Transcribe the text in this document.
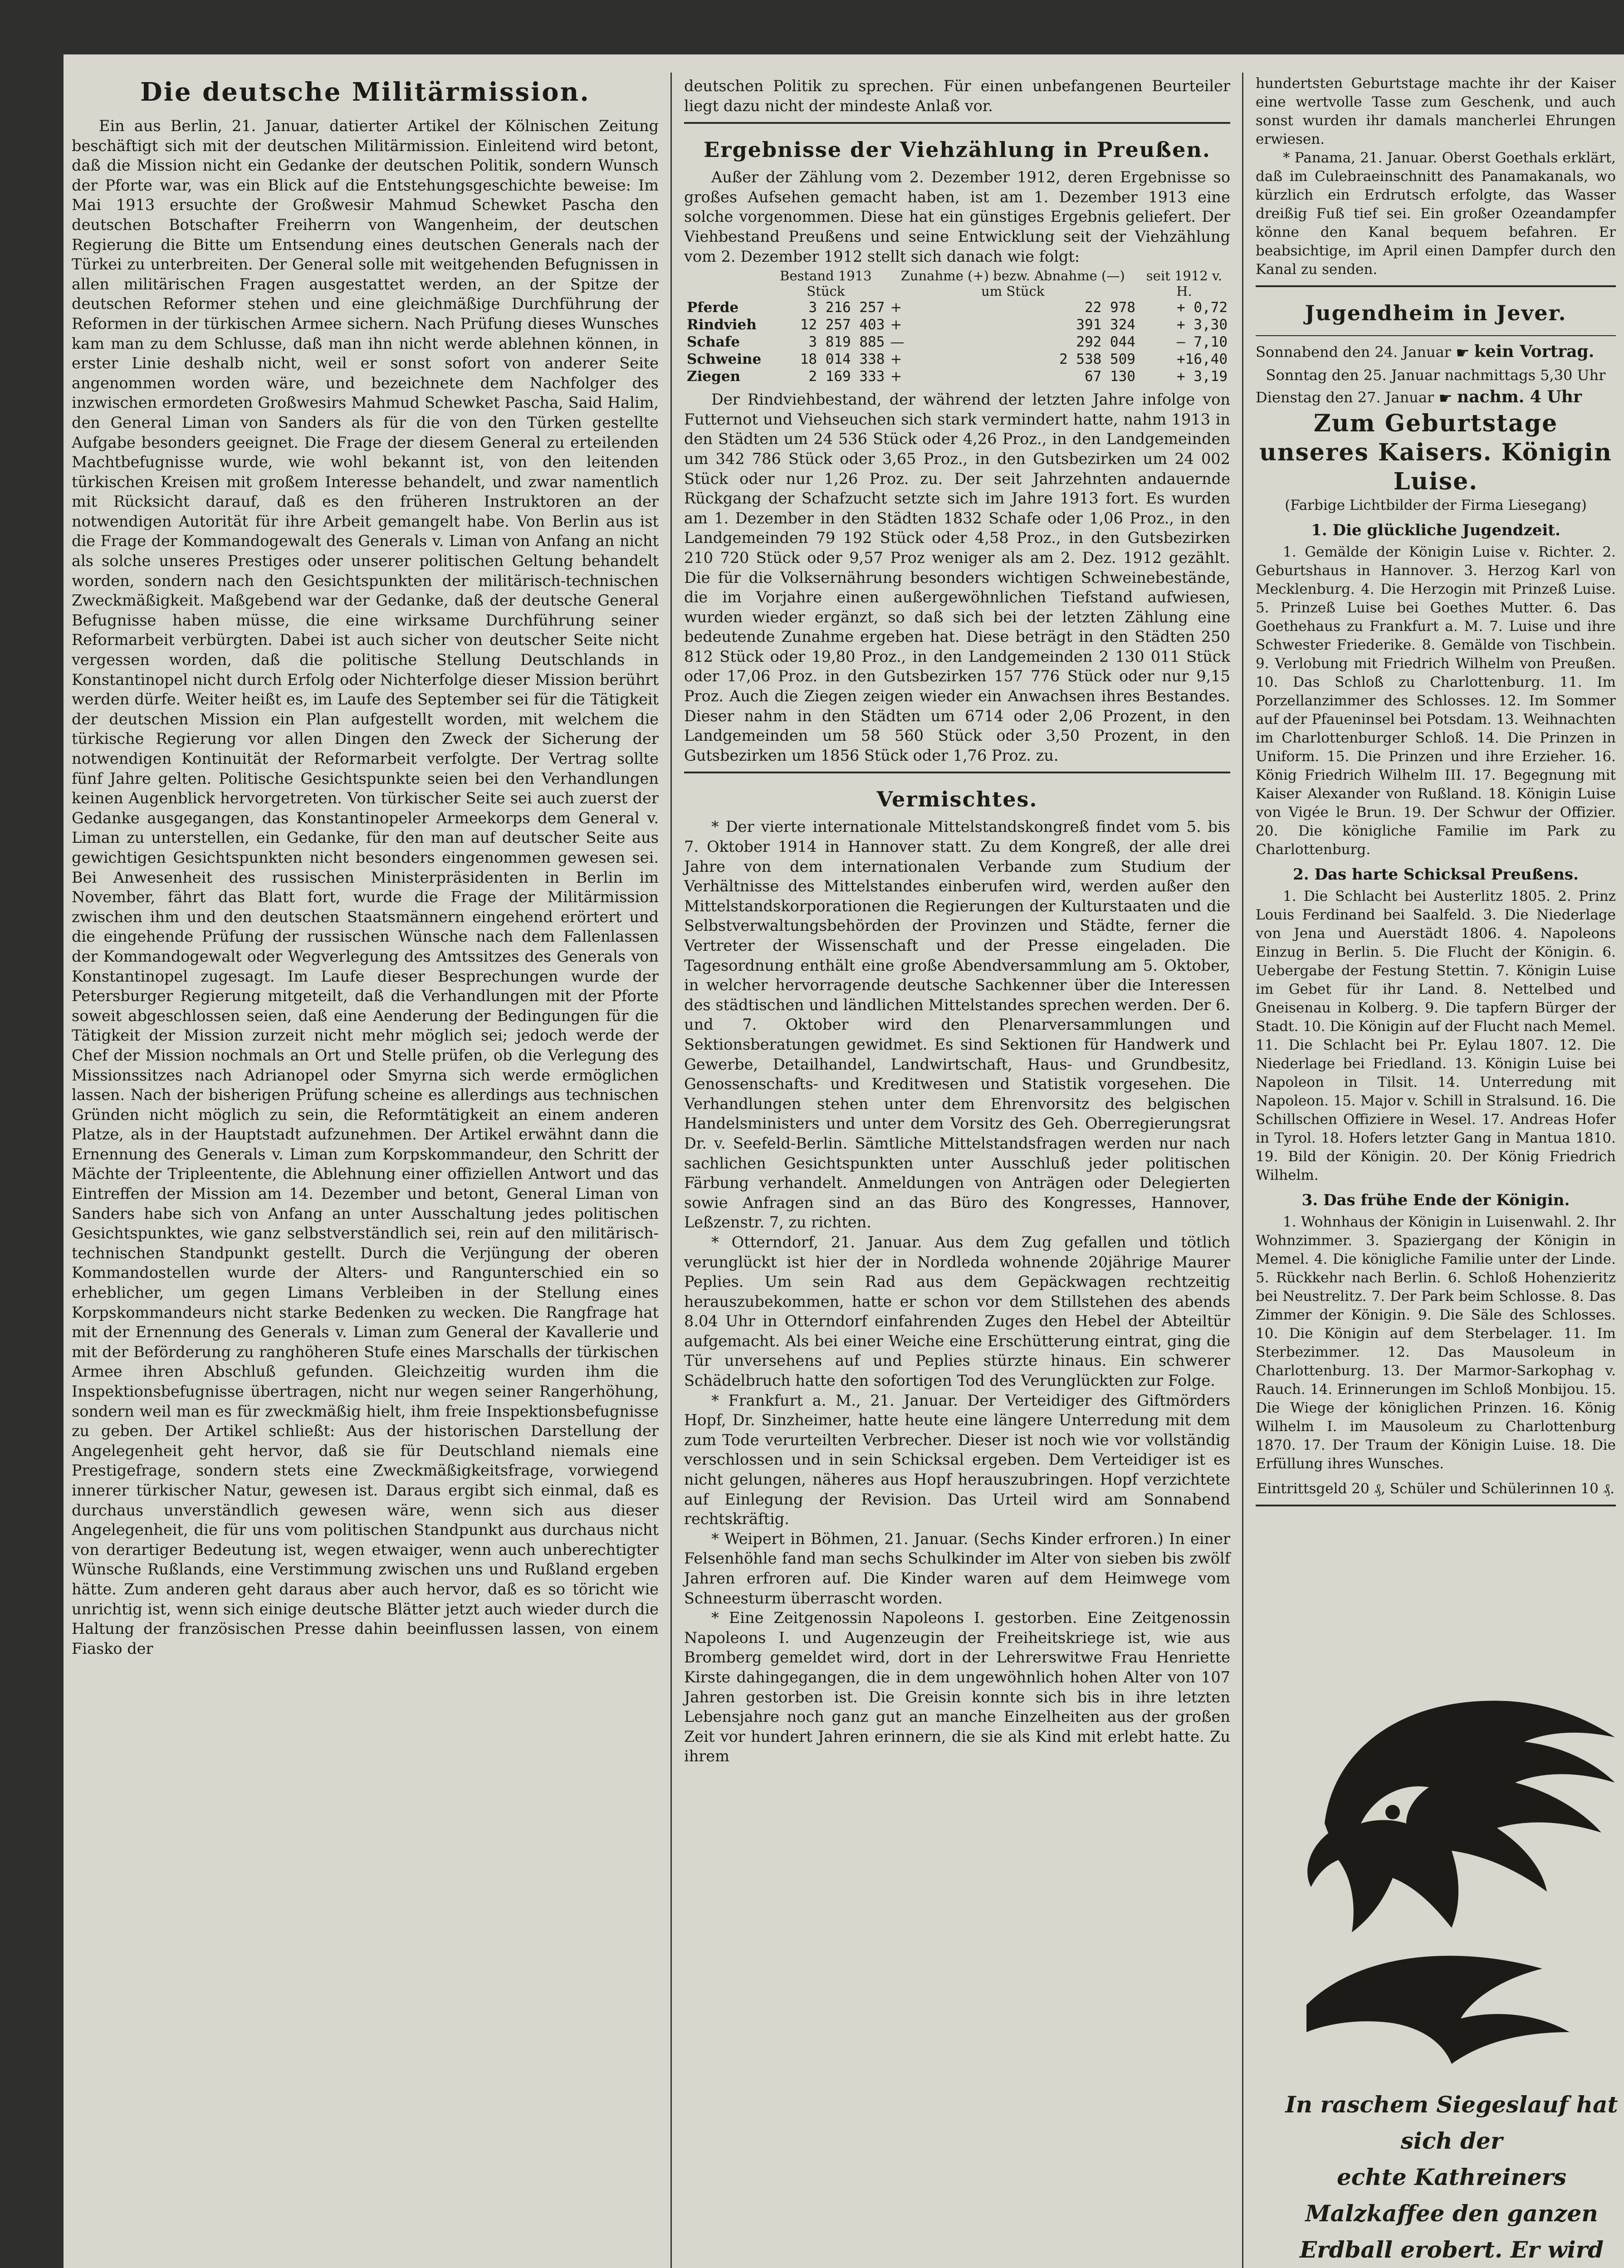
Die deutsche Militärmission.

Ein aus Berlin, 21. Januar, datierter Artikel der Kölnischen Zeitung beschäftigt sich mit der deutschen Militärmission. Einleitend wird betont, daß die Mission nicht ein Gedanke der deutschen Politik, sondern Wunsch der Pforte war, was ein Blick auf die Entstehungsgeschichte beweise: Im Mai 1913 ersuchte der Großwesir Mahmud Schewket Pascha den deutschen Botschafter Freiherrn von Wangenheim, der deutschen Regierung die Bitte um Entsendung eines deutschen Generals nach der Türkei zu unterbreiten. Der General solle mit weitgehenden Befugnissen in allen militärischen Fragen ausgestattet werden, an der Spitze der deutschen Reformer stehen und eine gleichmäßige Durchführung der Reformen in der türkischen Armee sichern. Nach Prüfung dieses Wunsches kam man zu dem Schlusse, daß man ihn nicht werde ablehnen können, in erster Linie deshalb nicht, weil er sonst sofort von anderer Seite angenommen worden wäre, und bezeichnete dem Nachfolger des inzwischen ermordeten Großwesirs Mahmud Schewket Pascha, Said Halim, den General Liman von Sanders als für die von den Türken gestellte Aufgabe besonders geeignet. Die Frage der diesem General zu erteilenden Machtbefugnisse wurde, wie wohl bekannt ist, von den leitenden türkischen Kreisen mit großem Interesse behandelt, und zwar namentlich mit Rücksicht darauf, daß es den früheren Instruktoren an der notwendigen Autorität für ihre Arbeit gemangelt habe. Von Berlin aus ist die Frage der Kommandogewalt des Generals v. Liman von Anfang an nicht als solche unseres Prestiges oder unserer politischen Geltung behandelt worden, sondern nach den Gesichtspunkten der militärisch-technischen Zweckmäßigkeit. Maßgebend war der Gedanke, daß der deutsche General Befugnisse haben müsse, die eine wirksame Durchführung seiner Reformarbeit verbürgten. Dabei ist auch sicher von deutscher Seite nicht vergessen worden, daß die politische Stellung Deutschlands in Konstantinopel nicht durch Erfolg oder Nichterfolge dieser Mission berührt werden dürfe. Weiter heißt es, im Laufe des September sei für die Tätigkeit der deutschen Mission ein Plan aufgestellt worden, mit welchem die türkische Regierung vor allen Dingen den Zweck der Sicherung der notwendigen Kontinuität der Reformarbeit verfolgte. Der Vertrag sollte fünf Jahre gelten. Politische Gesichtspunkte seien bei den Verhandlungen keinen Augenblick hervorgetreten. Von türkischer Seite sei auch zuerst der Gedanke ausgegangen, das Konstantinopeler Armeekorps dem General v. Liman zu unterstellen, ein Gedanke, für den man auf deutscher Seite aus gewichtigen Gesichtspunkten nicht besonders eingenommen gewesen sei. Bei Anwesenheit des russischen Ministerpräsidenten in Berlin im November, fährt das Blatt fort, wurde die Frage der Militärmission zwischen ihm und den deutschen Staatsmännern eingehend erörtert und die eingehende Prüfung der russischen Wünsche nach dem Fallenlassen der Kommandogewalt oder Wegverlegung des Amtssitzes des Generals von Konstantinopel zugesagt. Im Laufe dieser Besprechungen wurde der Petersburger Regierung mitgeteilt, daß die Verhandlungen mit der Pforte soweit abgeschlossen seien, daß eine Aenderung der Bedingungen für die Tätigkeit der Mission zurzeit nicht mehr möglich sei; jedoch werde der Chef der Mission nochmals an Ort und Stelle prüfen, ob die Verlegung des Missionssitzes nach Adrianopel oder Smyrna sich werde ermöglichen lassen. Nach der bisherigen Prüfung scheine es allerdings aus technischen Gründen nicht möglich zu sein, die Reformtätigkeit an einem anderen Platze, als in der Hauptstadt aufzunehmen. Der Artikel erwähnt dann die Ernennung des Generals v. Liman zum Korpskommandeur, den Schritt der Mächte der Tripleentente, die Ablehnung einer offiziellen Antwort und das Eintreffen der Mission am 14. Dezember und betont, General Liman von Sanders habe sich von Anfang an unter Ausschaltung jedes politischen Gesichtspunktes, wie ganz selbstverständlich sei, rein auf den militärisch-technischen Standpunkt gestellt. Durch die Verjüngung der oberen Kommandostellen wurde der Alters- und Rangunterschied ein so erheblicher, um gegen Limans Verbleiben in der Stellung eines Korpskommandeurs nicht starke Bedenken zu wecken. Die Rangfrage hat mit der Ernennung des Generals v. Liman zum General der Kavallerie und mit der Beförderung zu ranghöheren Stufe eines Marschalls der türkischen Armee ihren Abschluß gefunden. Gleichzeitig wurden ihm die Inspektionsbefugnisse übertragen, nicht nur wegen seiner Rangerhöhung, sondern weil man es für zweckmäßig hielt, ihm freie Inspektionsbefugnisse zu geben. Der Artikel schließt: Aus der historischen Darstellung der Angelegenheit geht hervor, daß sie für Deutschland niemals eine Prestigefrage, sondern stets eine Zweckmäßigkeitsfrage, vorwiegend innerer türkischer Natur, gewesen ist. Daraus ergibt sich einmal, daß es durchaus unverständlich gewesen wäre, wenn sich aus dieser Angelegenheit, die für uns vom politischen Standpunkt aus durchaus nicht von derartiger Bedeutung ist, wegen etwaiger, wenn auch unberechtigter Wünsche Rußlands, eine Verstimmung zwischen uns und Rußland ergeben hätte. Zum anderen geht daraus aber auch hervor, daß es so töricht wie unrichtig ist, wenn sich einige deutsche Blätter jetzt auch wieder durch die Haltung der französischen Presse dahin beeinflussen lassen, von einem Fiasko der

deutschen Politik zu sprechen. Für einen unbefangenen Beurteiler liegt dazu nicht der mindeste Anlaß vor.

Ergebnisse der Viehzählung in Preußen.

Außer der Zählung vom 2. Dezember 1912, deren Ergebnisse so großes Aufsehen gemacht haben, ist am 1. Dezember 1913 eine solche vorgenommen. Diese hat ein günstiges Ergebnis geliefert. Der Viehbestand Preußens und seine Entwicklung seit der Viehzählung vom 2. Dezember 1912 stellt sich danach wie folgt:

	Bestand 1913 Stück	Zunahme (+) bezw. Abnahme (—) um Stück		seit 1912 v. H.
Pferde	3 216 257	+	22 978	+ 0,72
Rindvieh	12 257 403	+	391 324	+ 3,30
Schafe	3 819 885	—	292 044	— 7,10
Schweine	18 014 338	+	2 538 509	+16,40
Ziegen	2 169 333	+	67 130	+ 3,19

Der Rindviehbestand, der während der letzten Jahre infolge von Futternot und Viehseuchen sich stark vermindert hatte, nahm 1913 in den Städten um 24 536 Stück oder 4,26 Proz., in den Landgemeinden um 342 786 Stück oder 3,65 Proz., in den Gutsbezirken um 24 002 Stück oder nur 1,26 Proz. zu. Der seit Jahrzehnten andauernde Rückgang der Schafzucht setzte sich im Jahre 1913 fort. Es wurden am 1. Dezember in den Städten 1832 Schafe oder 1,06 Proz., in den Landgemeinden 79 192 Stück oder 4,58 Proz., in den Gutsbezirken 210 720 Stück oder 9,57 Proz weniger als am 2. Dez. 1912 gezählt. Die für die Volksernährung besonders wichtigen Schweinebestände, die im Vorjahre einen außergewöhnlichen Tiefstand aufwiesen, wurden wieder ergänzt, so daß sich bei der letzten Zählung eine bedeutende Zunahme ergeben hat. Diese beträgt in den Städten 250 812 Stück oder 19,80 Proz., in den Landgemeinden 2 130 011 Stück oder 17,06 Proz. in den Gutsbezirken 157 776 Stück oder nur 9,15 Proz. Auch die Ziegen zeigen wieder ein Anwachsen ihres Bestandes. Dieser nahm in den Städten um 6714 oder 2,06 Prozent, in den Landgemeinden um 58 560 Stück oder 3,50 Prozent, in den Gutsbezirken um 1856 Stück oder 1,76 Proz. zu.

Vermischtes.

* Der vierte internationale Mittelstandskongreß findet vom 5. bis 7. Oktober 1914 in Hannover statt. Zu dem Kongreß, der alle drei Jahre von dem internationalen Verbande zum Studium der Verhältnisse des Mittelstandes einberufen wird, werden außer den Mittelstandskorporationen die Regierungen der Kulturstaaten und die Selbstverwaltungsbehörden der Provinzen und Städte, ferner die Vertreter der Wissenschaft und der Presse eingeladen. Die Tagesordnung enthält eine große Abendversammlung am 5. Oktober, in welcher hervorragende deutsche Sachkenner über die Interessen des städtischen und ländlichen Mittelstandes sprechen werden. Der 6. und 7. Oktober wird den Plenarversammlungen und Sektionsberatungen gewidmet. Es sind Sektionen für Handwerk und Gewerbe, Detailhandel, Landwirtschaft, Haus- und Grundbesitz, Genossenschafts- und Kreditwesen und Statistik vorgesehen. Die Verhandlungen stehen unter dem Ehrenvorsitz des belgischen Handelsministers und unter dem Vorsitz des Geh. Oberregierungsrat Dr. v. Seefeld-Berlin. Sämtliche Mittelstandsfragen werden nur nach sachlichen Gesichtspunkten unter Ausschluß jeder politischen Färbung verhandelt. Anmeldungen von Anträgen oder Delegierten sowie Anfragen sind an das Büro des Kongresses, Hannover, Leßzenstr. 7, zu richten.

* Otterndorf, 21. Januar. Aus dem Zug gefallen und tötlich verunglückt ist hier der in Nordleda wohnende 20jährige Maurer Peplies. Um sein Rad aus dem Gepäckwagen rechtzeitig herauszubekommen, hatte er schon vor dem Stillstehen des abends 8.04 Uhr in Otterndorf einfahrenden Zuges den Hebel der Abteiltür aufgemacht. Als bei einer Weiche eine Erschütterung eintrat, ging die Tür unversehens auf und Peplies stürzte hinaus. Ein schwerer Schädelbruch hatte den sofortigen Tod des Verunglückten zur Folge.

* Frankfurt a. M., 21. Januar. Der Verteidiger des Giftmörders Hopf, Dr. Sinzheimer, hatte heute eine längere Unterredung mit dem zum Tode verurteilten Verbrecher. Dieser ist noch wie vor vollständig verschlossen und in sein Schicksal ergeben. Dem Verteidiger ist es nicht gelungen, näheres aus Hopf herauszubringen. Hopf verzichtete auf Einlegung der Revision. Das Urteil wird am Sonnabend rechtskräftig.

* Weipert in Böhmen, 21. Januar. (Sechs Kinder erfroren.) In einer Felsenhöhle fand man sechs Schulkinder im Alter von sieben bis zwölf Jahren erfroren auf. Die Kinder waren auf dem Heimwege vom Schneesturm überrascht worden.

* Eine Zeitgenossin Napoleons I. gestorben. Eine Zeitgenossin Napoleons I. und Augenzeugin der Freiheitskriege ist, wie aus Bromberg gemeldet wird, dort in der Lehrerswitwe Frau Henriette Kirste dahingegangen, die in dem ungewöhnlich hohen Alter von 107 Jahren gestorben ist. Die Greisin konnte sich bis in ihre letzten Lebensjahre noch ganz gut an manche Einzelheiten aus der großen Zeit vor hundert Jahren erinnern, die sie als Kind mit erlebt hatte. Zu ihrem

hundertsten Geburtstage machte ihr der Kaiser eine wertvolle Tasse zum Geschenk, und auch sonst wurden ihr damals mancherlei Ehrungen erwiesen.

* Panama, 21. Januar. Oberst Goethals erklärt, daß im Culebraeinschnitt des Panamakanals, wo kürzlich ein Erdrutsch erfolgte, das Wasser dreißig Fuß tief sei. Ein großer Ozeandampfer könne den Kanal bequem befahren. Er beabsichtige, im April einen Dampfer durch den Kanal zu senden.

Jugendheim in Jever.

Sonnabend den 24. Januar ☛ kein Vortrag.

Sonntag den 25. Januar nachmittags 5,30 Uhr

Dienstag den 27. Januar ☛ nachm. 4 Uhr

Zum Geburtstage unseres Kaisers. Königin Luise.

(Farbige Lichtbilder der Firma Liesegang)

1. Die glückliche Jugendzeit.

1. Gemälde der Königin Luise v. Richter. 2. Geburtshaus in Hannover. 3. Herzog Karl von Mecklenburg. 4. Die Herzogin mit Prinzeß Luise. 5. Prinzeß Luise bei Goethes Mutter. 6. Das Goethehaus zu Frankfurt a. M. 7. Luise und ihre Schwester Friederike. 8. Gemälde von Tischbein. 9. Verlobung mit Friedrich Wilhelm von Preußen. 10. Das Schloß zu Charlottenburg. 11. Im Porzellanzimmer des Schlosses. 12. Im Sommer auf der Pfaueninsel bei Potsdam. 13. Weihnachten im Charlottenburger Schloß. 14. Die Prinzen in Uniform. 15. Die Prinzen und ihre Erzieher. 16. König Friedrich Wilhelm III. 17. Begegnung mit Kaiser Alexander von Rußland. 18. Königin Luise von Vigée le Brun. 19. Der Schwur der Offizier. 20. Die königliche Familie im Park zu Charlottenburg.

2. Das harte Schicksal Preußens.

1. Die Schlacht bei Austerlitz 1805. 2. Prinz Louis Ferdinand bei Saalfeld. 3. Die Niederlage von Jena und Auerstädt 1806. 4. Napoleons Einzug in Berlin. 5. Die Flucht der Königin. 6. Uebergabe der Festung Stettin. 7. Königin Luise im Gebet für ihr Land. 8. Nettelbed und Gneisenau in Kolberg. 9. Die tapfern Bürger der Stadt. 10. Die Königin auf der Flucht nach Memel. 11. Die Schlacht bei Pr. Eylau 1807. 12. Die Niederlage bei Friedland. 13. Königin Luise bei Napoleon in Tilsit. 14. Unterredung mit Napoleon. 15. Major v. Schill in Stralsund. 16. Die Schillschen Offiziere in Wesel. 17. Andreas Hofer in Tyrol. 18. Hofers letzter Gang in Mantua 1810. 19. Bild der Königin. 20. Der König Friedrich Wilhelm.

3. Das frühe Ende der Königin.

1. Wohnhaus der Königin in Luisenwahl. 2. Ihr Wohnzimmer. 3. Spaziergang der Königin in Memel. 4. Die königliche Familie unter der Linde. 5. Rückkehr nach Berlin. 6. Schloß Hohenzieritz bei Neustrelitz. 7. Der Park beim Schlosse. 8. Das Zimmer der Königin. 9. Die Säle des Schlosses. 10. Die Königin auf dem Sterbelager. 11. Im Sterbezimmer. 12. Das Mausoleum in Charlottenburg. 13. Der Marmor-Sarkophag v. Rauch. 14. Erinnerungen im Schloß Monbijou. 15. Die Wiege der königlichen Prinzen. 16. König Wilhelm I. im Mausoleum zu Charlottenburg 1870. 17. Der Traum der Königin Luise. 18. Die Erfüllung ihres Wunsches.

Eintrittsgeld 20 ₰, Schüler und Schülerinnen 10 ₰.

In raschem Siegeslauf hat sich der
echte Kathreiners Malzkaffee den ganzen
Erdball erobert. Er wird
